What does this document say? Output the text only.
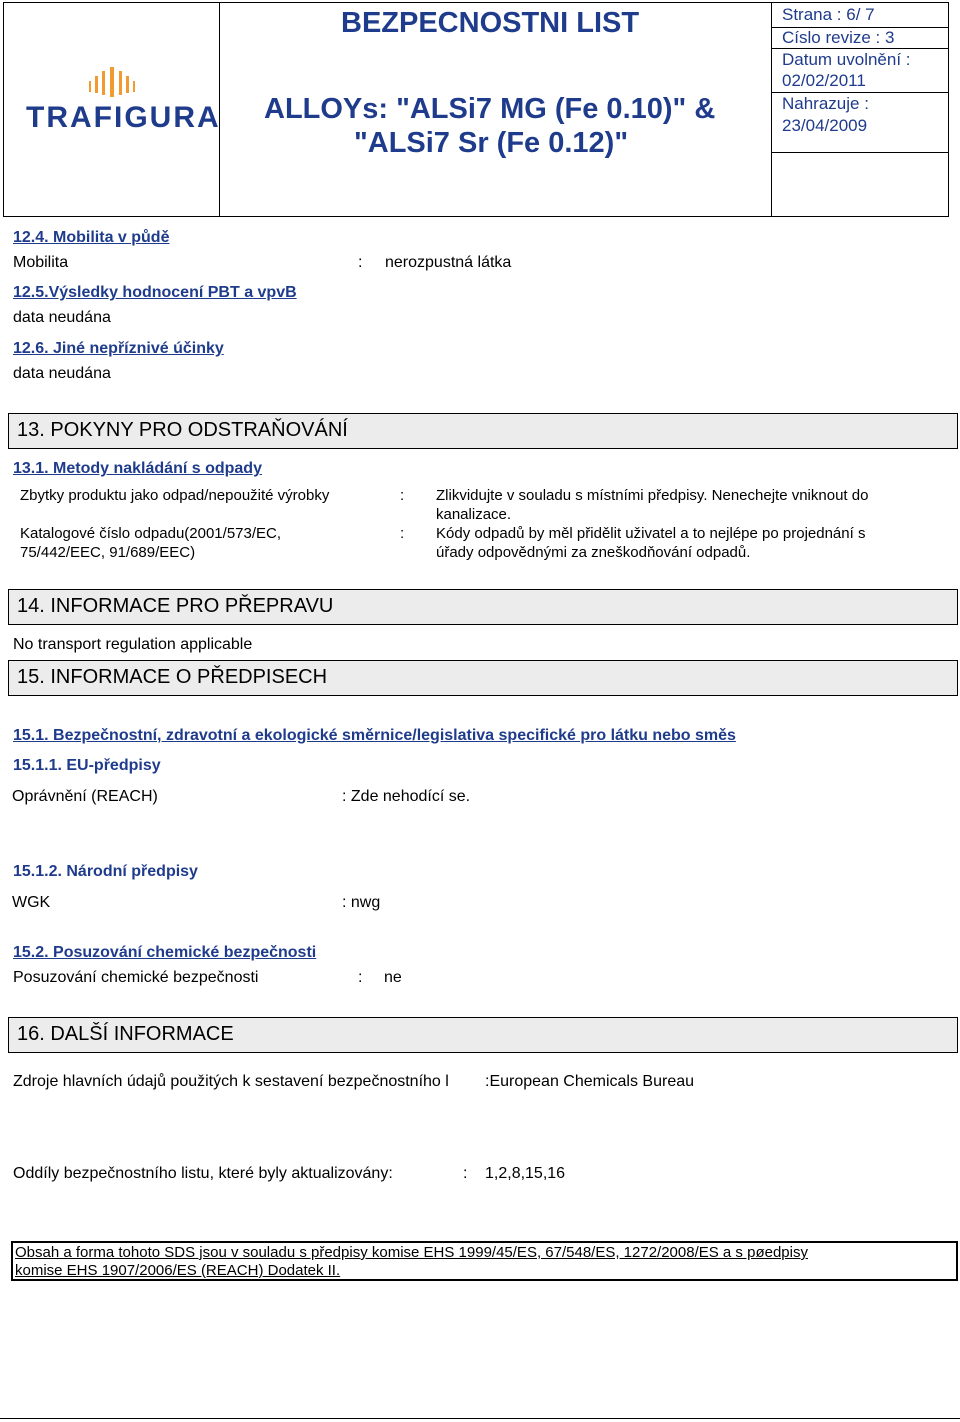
TRAFIGURA
BEZPECNOSTNI LIST
ALLOYs: "ALSi7 MG (Fe 0.10)" &
"ALSi7 Sr (Fe 0.12)"
Strana : 6/ 7
Císlo revize : 3
Datum uvolnění :
02/02/2011
Nahrazuje :
23/04/2009
12.4. Mobilita v půdě
Mobilita	: nerozpustná látka
12.5.Výsledky hodnocení PBT a vpvB
data neudána
12.6. Jiné nepříznivé účinky
data neudána
13. POKYNY PRO ODSTRAŇOVÁNÍ
13.1. Metody nakládání s odpady
Zbytky produktu jako odpad/nepoužité výrobky	: Zlikvidujte v souladu s místními předpisy. Nenechejte vniknout do
kanalizace.
Katalogové číslo odpadu(2001/573/EC,
75/442/EEC, 91/689/EEC)
: Kódy odpadů by měl přidělit uživatel a to nejlépe po projednání s
úřady odpovědnými za zneškodňování odpadů.
14. INFORMACE PRO PŘEPRAVU
No transport regulation applicable
15. INFORMACE O PŘEDPISECH
15.1. Bezpečnostní, zdravotní a ekologické směrnice/legislativa specifické pro látku nebo směs
15.1.1. EU-předpisy
Oprávnění (REACH)	: Zde nehodící se.
15.1.2. Národní předpisy
WGK	: nwg
15.2. Posuzování chemické bezpečnosti
Posuzování chemické bezpečnosti	: ne
16. DALŠÍ INFORMACE
Zdroje hlavních údajů použitých k sestavení bezpečnostního l :European Chemicals Bureau
Oddíly bezpečnostního listu, které byly aktualizovány:	: 1,2,8,15,16
Obsah a forma tohoto SDS jsou v souladu s předpisy komise EHS 1999/45/ES, 67/548/ES, 1272/2008/ES a s pøedpisy
komise EHS 1907/2006/ES (REACH) Dodatek II.
